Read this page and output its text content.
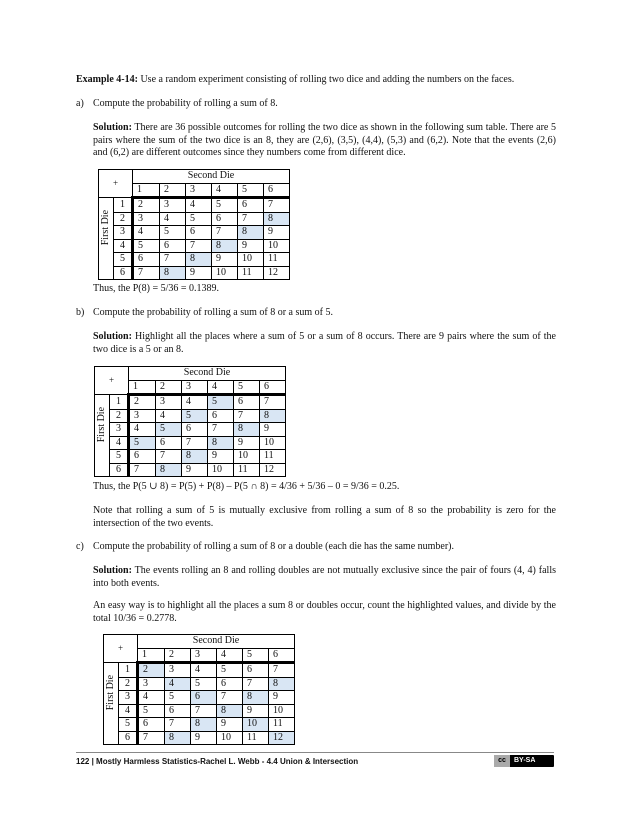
Example 4-14: Use a random experiment consisting of rolling two dice and adding the numbers on the faces.

a) Compute the probability of rolling a sum of 8.

Solution: There are 36 possible outcomes for rolling the two dice as shown in the following sum table. There are 5 pairs where the sum of the two dice is an 8, they are (2,6), (3,5), (4,4), (5,3) and (6,2). Note that the events (2,6) and (6,2) are different outcomes since they numbers come from different dice.

+		Second Die					
		1	2	3	4	5	6

First Die	1	2	3	4	5	6	7
	2	3	4	5	6	7	8
	3	4	5	6	7	8	9
	4	5	6	7	8	9	10
	5	6	7	8	9	10	11
	6	7	8	9	10	11	12
Thus, the P(8) = 5/36 = 0.1389.
b) Compute the probability of rolling a sum of 8 or a sum of 5.

Solution: Highlight all the places where a sum of 5 or a sum of 8 occurs. There are 9 pairs where the sum of the two dice is a 5 or an 8.

+		Second Die					
		1	2	3	4	5	6

First Die	1	2	3	4	5	6	7
	2	3	4	5	6	7	8
	3	4	5	6	7	8	9
	4	5	6	7	8	9	10
	5	6	7	8	9	10	11
	6	7	8	9	10	11	12
Thus, the P(5 ∪ 8) = P(5) + P(8) – P(5 ∩ 8) = 4/36 + 5/36 – 0 = 9/36 = 0.25.
Note that rolling a sum of 5 is mutually exclusive from rolling a sum of 8 so the probability is zero for the intersection of the two events.
c) Compute the probability of rolling a sum of 8 or a double (each die has the same number).

Solution: The events rolling an 8 and rolling doubles are not mutually exclusive since the pair of fours (4, 4) falls into both events.

An easy way is to highlight all the places a sum 8 or doubles occur, count the highlighted values, and divide by the total 10/36 = 0.2778.
+		Second Die					
		1	2	3	4	5	6

First Die	1	2	3	4	5	6	7
	2	3	4	5	6	7	8
	3	4	5	6	7	8	9
	4	5	6	7	8	9	10
	5	6	7	8	9	10	11
	6	7	8	9	10	11	12
122 | Mostly Harmless Statistics-Rachel L. Webb - 4.4 Union & Intersection	cc	BY-SA
